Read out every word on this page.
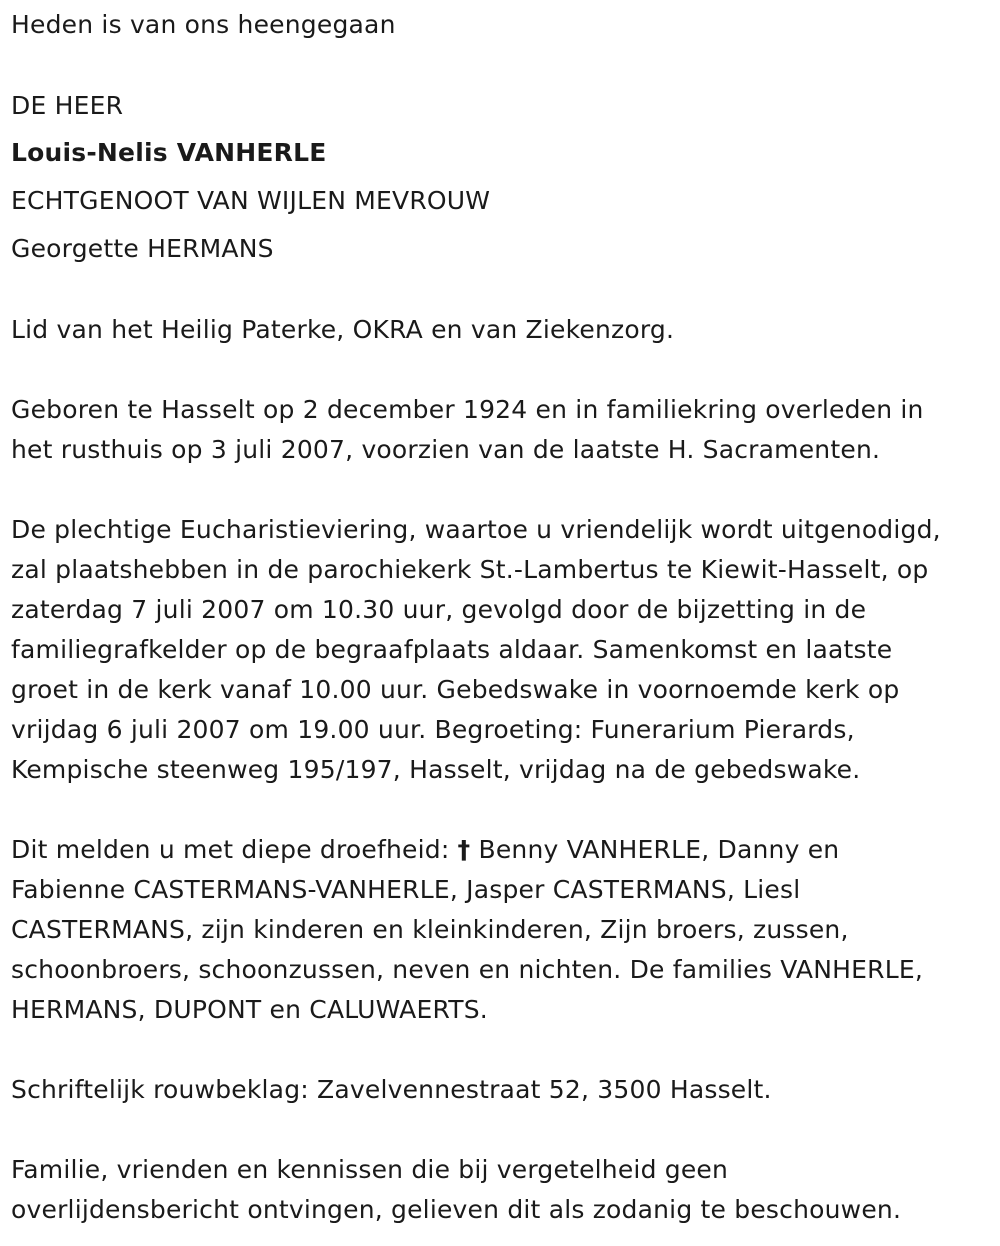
Heden is van ons heengegaan
DE HEER
Louis-Nelis VANHERLE
ECHTGENOOT VAN WIJLEN MEVROUW
Georgette HERMANS
Lid van het Heilig Paterke, OKRA en van Ziekenzorg.
Geboren te Hasselt op 2 december 1924 en in familiekring overleden in
het rusthuis op 3 juli 2007, voorzien van de laatste H. Sacramenten.
De plechtige Eucharistieviering, waartoe u vriendelijk wordt uitgenodigd,
zal plaatshebben in de parochiekerk St.-Lambertus te Kiewit-Hasselt, op
zaterdag 7 juli 2007 om 10.30 uur, gevolgd door de bijzetting in de
familiegrafkelder op de begraafplaats aldaar. Samenkomst en laatste
groet in de kerk vanaf 10.00 uur. Gebedswake in voornoemde kerk op
vrijdag 6 juli 2007 om 19.00 uur. Begroeting: Funerarium Pierards,
Kempische steenweg 195/197, Hasselt, vrijdag na de gebedswake.
Dit melden u met diepe droefheid: † Benny VANHERLE, Danny en
Fabienne CASTERMANS-VANHERLE, Jasper CASTERMANS, Liesl
CASTERMANS, zijn kinderen en kleinkinderen, Zijn broers, zussen,
schoonbroers, schoonzussen, neven en nichten. De families VANHERLE,
HERMANS, DUPONT en CALUWAERTS.
Schriftelijk rouwbeklag: Zavelvennestraat 52, 3500 Hasselt.
Familie, vrienden en kennissen die bij vergetelheid geen
overlijdensbericht ontvingen, gelieven dit als zodanig te beschouwen.
